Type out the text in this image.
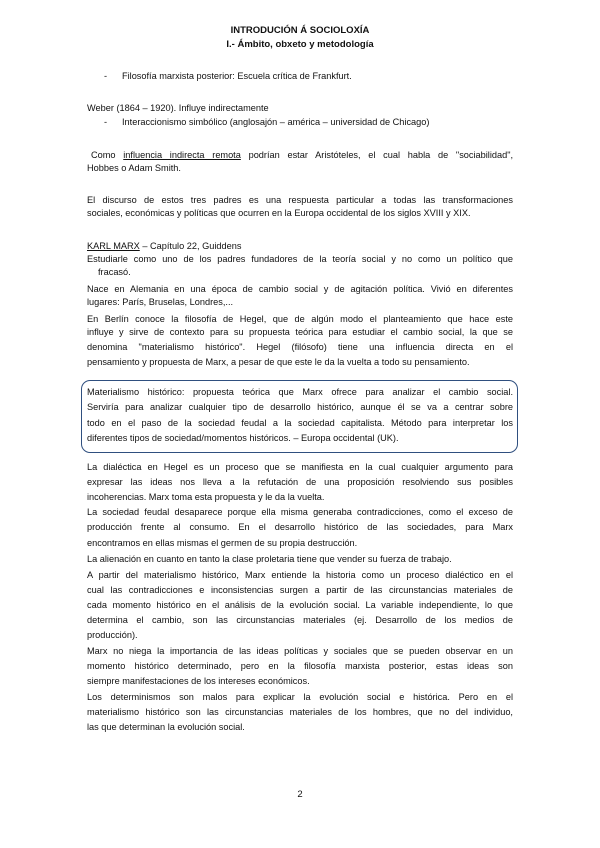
INTRODUCIÓN Á SOCIOLOXÍA
I.- Ámbito, obxeto y metodología
- Filosofía marxista posterior: Escuela crítica de Frankfurt.
Weber (1864 – 1920). Influye indirectamente
- Interaccionismo simbólico (anglosajón – américa – universidad de Chicago)
Como influencia indirecta remota podrían estar Aristóteles, el cual habla de "sociabilidad",
Hobbes o Adam Smith.
El discurso de estos tres padres es una respuesta particular a todas las transformaciones
sociales, económicas y políticas que ocurren en la Europa occidental de los siglos XVIII y XIX.
KARL MARX – Capítulo 22, Guiddens
Estudiarle como uno de los padres fundadores de la teoría social y no como un político que
fracasó.
Nace en Alemania en una época de cambio social y de agitación política. Vivió en diferentes
lugares: París, Bruselas, Londres,...
En Berlín conoce la filosofía de Hegel, que de algún modo el planteamiento que hace este
influye y sirve de contexto para su propuesta teórica para estudiar el cambio social, la que se
denomina "materialismo histórico". Hegel (filósofo) tiene una influencia directa en el
pensamiento y propuesta de Marx, a pesar de que este le da la vuelta a todo su pensamiento.
Materialismo histórico: propuesta teórica que Marx ofrece para analizar el cambio social.
Serviría para analizar cualquier tipo de desarrollo histórico, aunque él se va a centrar sobre
todo en el paso de la sociedad feudal a la sociedad capitalista. Método para interpretar los
diferentes tipos de sociedad/momentos históricos. – Europa occidental (UK).
La dialéctica en Hegel es un proceso que se manifiesta en la cual cualquier argumento para
expresar las ideas nos lleva a la refutación de una proposición resolviendo sus posibles
incoherencias. Marx toma esta propuesta y le da la vuelta.
La sociedad feudal desaparece porque ella misma generaba contradicciones, como el exceso de
producción frente al consumo. En el desarrollo histórico de las sociedades, para Marx
encontramos en ellas mismas el germen de su propia destrucción.
La alienación en cuanto en tanto la clase proletaria tiene que vender su fuerza de trabajo.
A partir del materialismo histórico, Marx entiende la historia como un proceso dialéctico en el
cual las contradicciones e inconsistencias surgen a partir de las circunstancias materiales de
cada momento histórico en el análisis de la evolución social. La variable independiente, lo que
determina el cambio, son las circunstancias materiales (ej. Desarrollo de los medios de
producción).
Marx no niega la importancia de las ideas políticas y sociales que se pueden observar en un
momento histórico determinado, pero en la filosofía marxista posterior, estas ideas son
siempre manifestaciones de los intereses económicos.
Los determinismos son malos para explicar la evolución social e histórica. Pero en el
materialismo histórico son las circunstancias materiales de los hombres, que no del individuo,
las que determinan la evolución social.
2
